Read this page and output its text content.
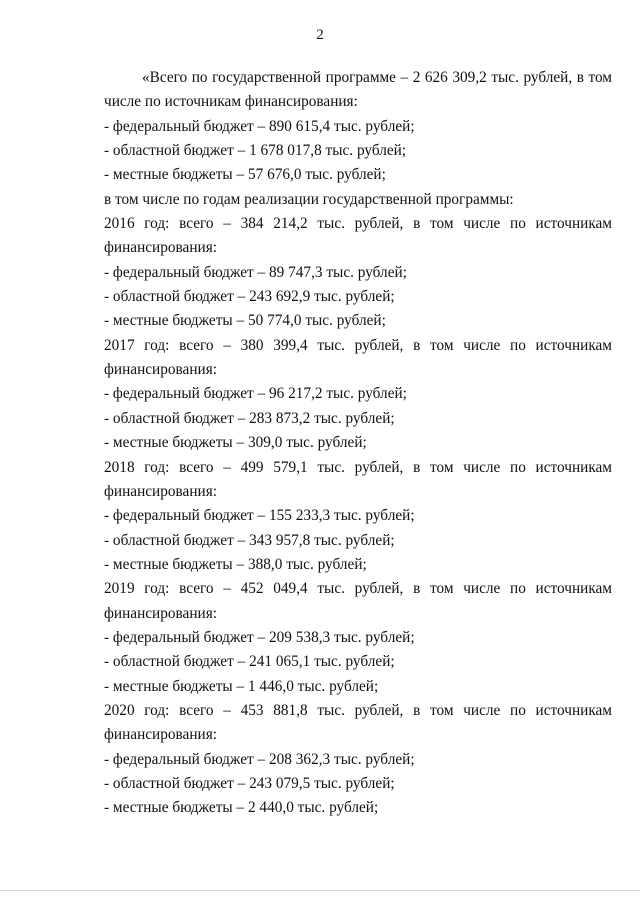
2
«Всего по государственной программе – 2 626 309,2 тыс. рублей, в том
числе по источникам финансирования:
- федеральный бюджет – 890 615,4 тыс. рублей;
- областной бюджет – 1 678 017,8 тыс. рублей;
- местные бюджеты – 57 676,0 тыс. рублей;
в том числе по годам реализации государственной программы:
2016 год: всего – 384 214,2 тыс. рублей, в том числе по источникам
финансирования:
- федеральный бюджет – 89 747,3 тыс. рублей;
- областной бюджет – 243 692,9 тыс. рублей;
- местные бюджеты – 50 774,0 тыс. рублей;
2017 год: всего – 380 399,4 тыс. рублей, в том числе по источникам
финансирования:
- федеральный бюджет – 96 217,2 тыс. рублей;
- областной бюджет – 283 873,2 тыс. рублей;
- местные бюджеты – 309,0 тыс. рублей;
2018 год: всего – 499 579,1 тыс. рублей, в том числе по источникам
финансирования:
- федеральный бюджет – 155 233,3 тыс. рублей;
- областной бюджет – 343 957,8 тыс. рублей;
- местные бюджеты – 388,0 тыс. рублей;
2019 год: всего – 452 049,4 тыс. рублей, в том числе по источникам
финансирования:
- федеральный бюджет – 209 538,3 тыс. рублей;
- областной бюджет – 241 065,1 тыс. рублей;
- местные бюджеты – 1 446,0 тыс. рублей;
2020 год: всего – 453 881,8 тыс. рублей, в том числе по источникам
финансирования:
- федеральный бюджет – 208 362,3 тыс. рублей;
- областной бюджет – 243 079,5 тыс. рублей;
- местные бюджеты – 2 440,0 тыс. рублей;
